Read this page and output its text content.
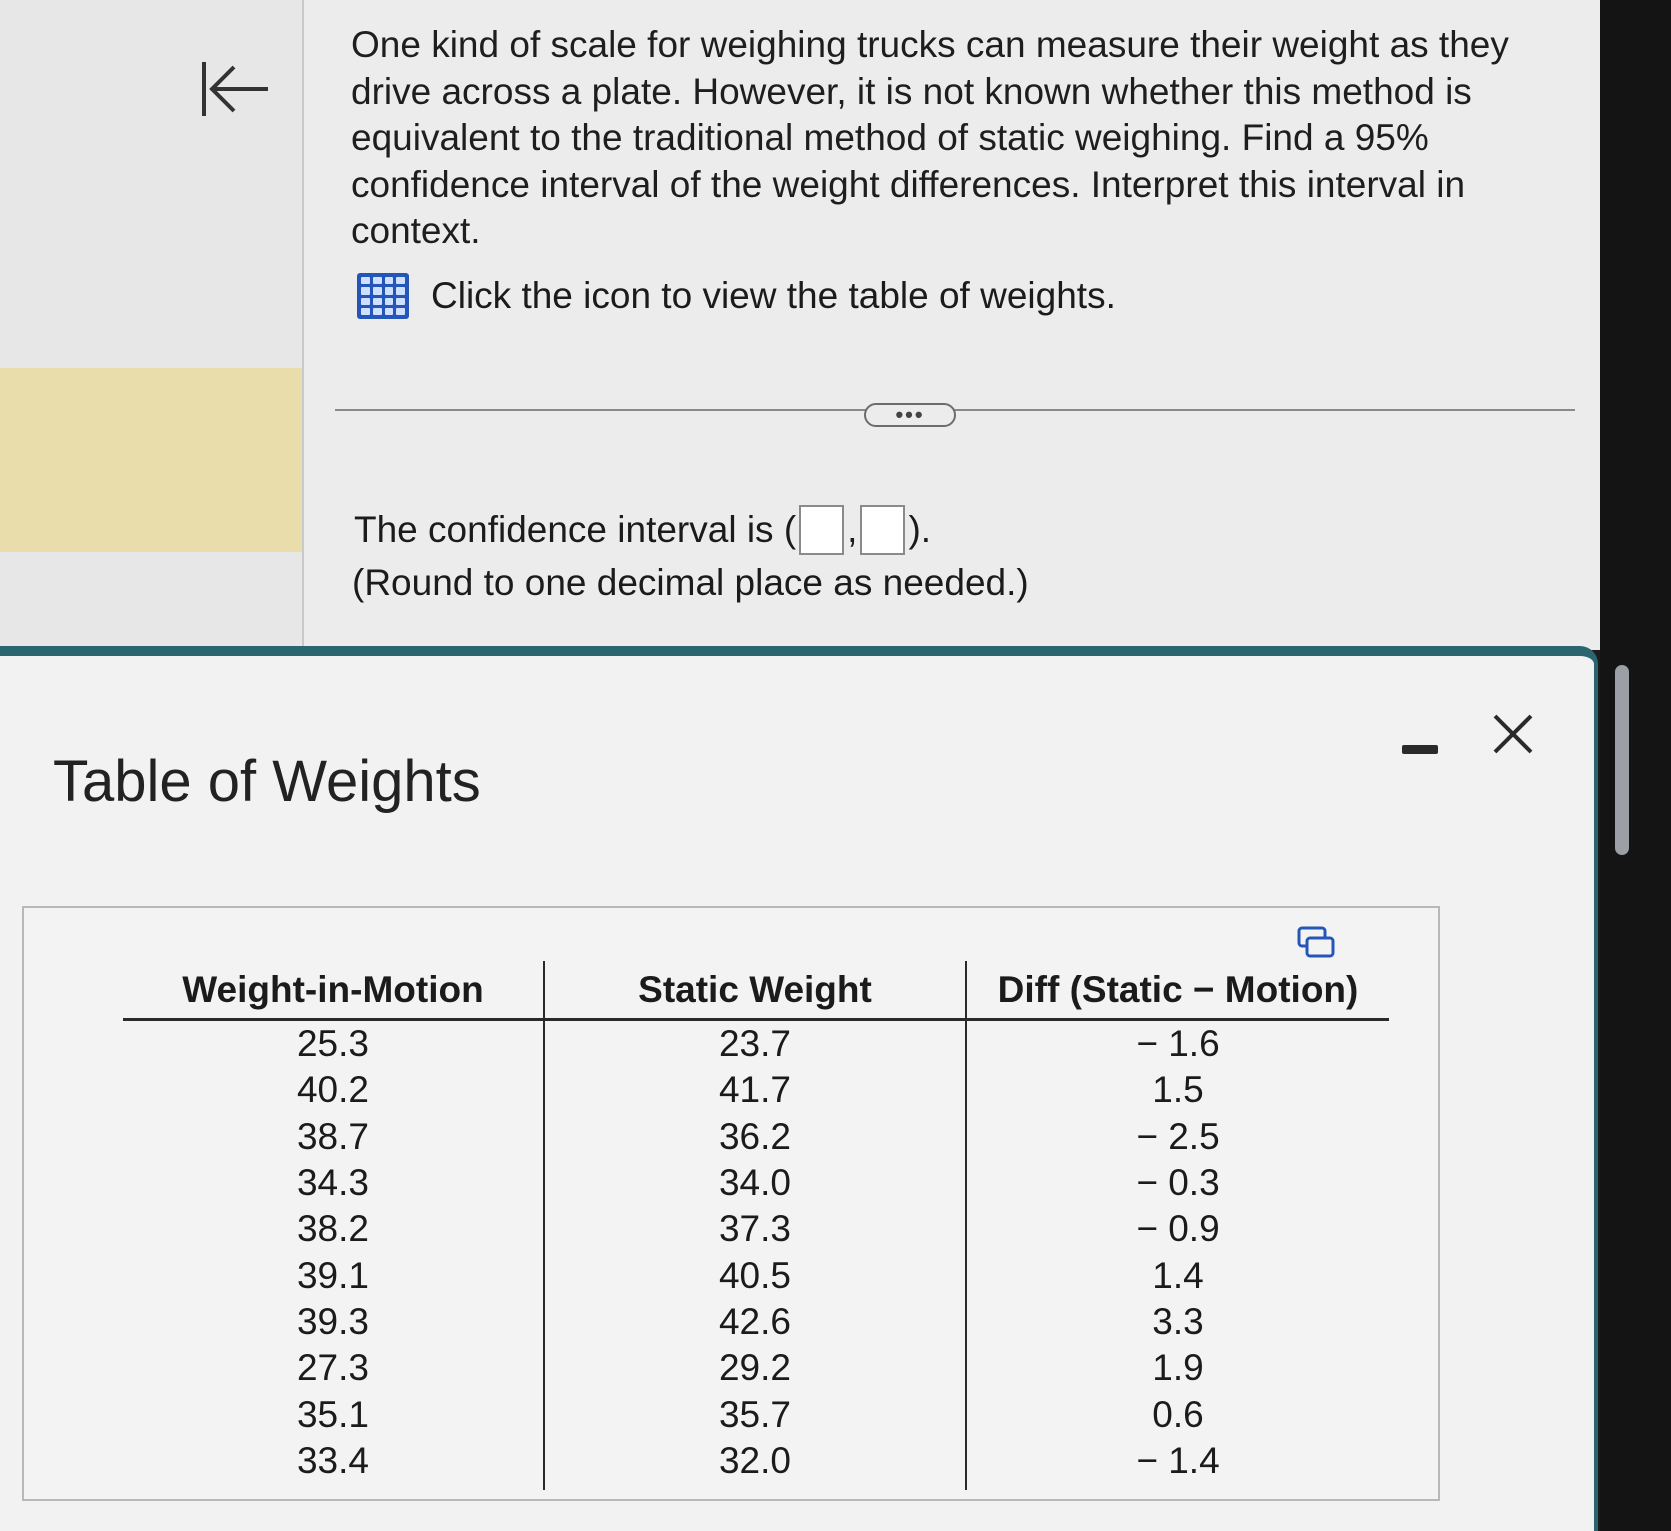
One kind of scale for weighing trucks can measure their weight as they drive across a plate. However, it is not known whether this method is equivalent to the traditional method of static weighing. Find a 95% confidence interval of the weight differences. Interpret this interval in context.
Click the icon to view the table of weights.
•••
The confidence interval is ( , ).
(Round to one decimal place as needed.)
Table of Weights
Weight-in-Motion	Static Weight	Diff (Static − Motion)
25.3	23.7	− 1.6
40.2	41.7	1.5
38.7	36.2	− 2.5
34.3	34.0	− 0.3
38.2	37.3	− 0.9
39.1	40.5	1.4
39.3	42.6	3.3
27.3	29.2	1.9
35.1	35.7	0.6
33.4	32.0	− 1.4
